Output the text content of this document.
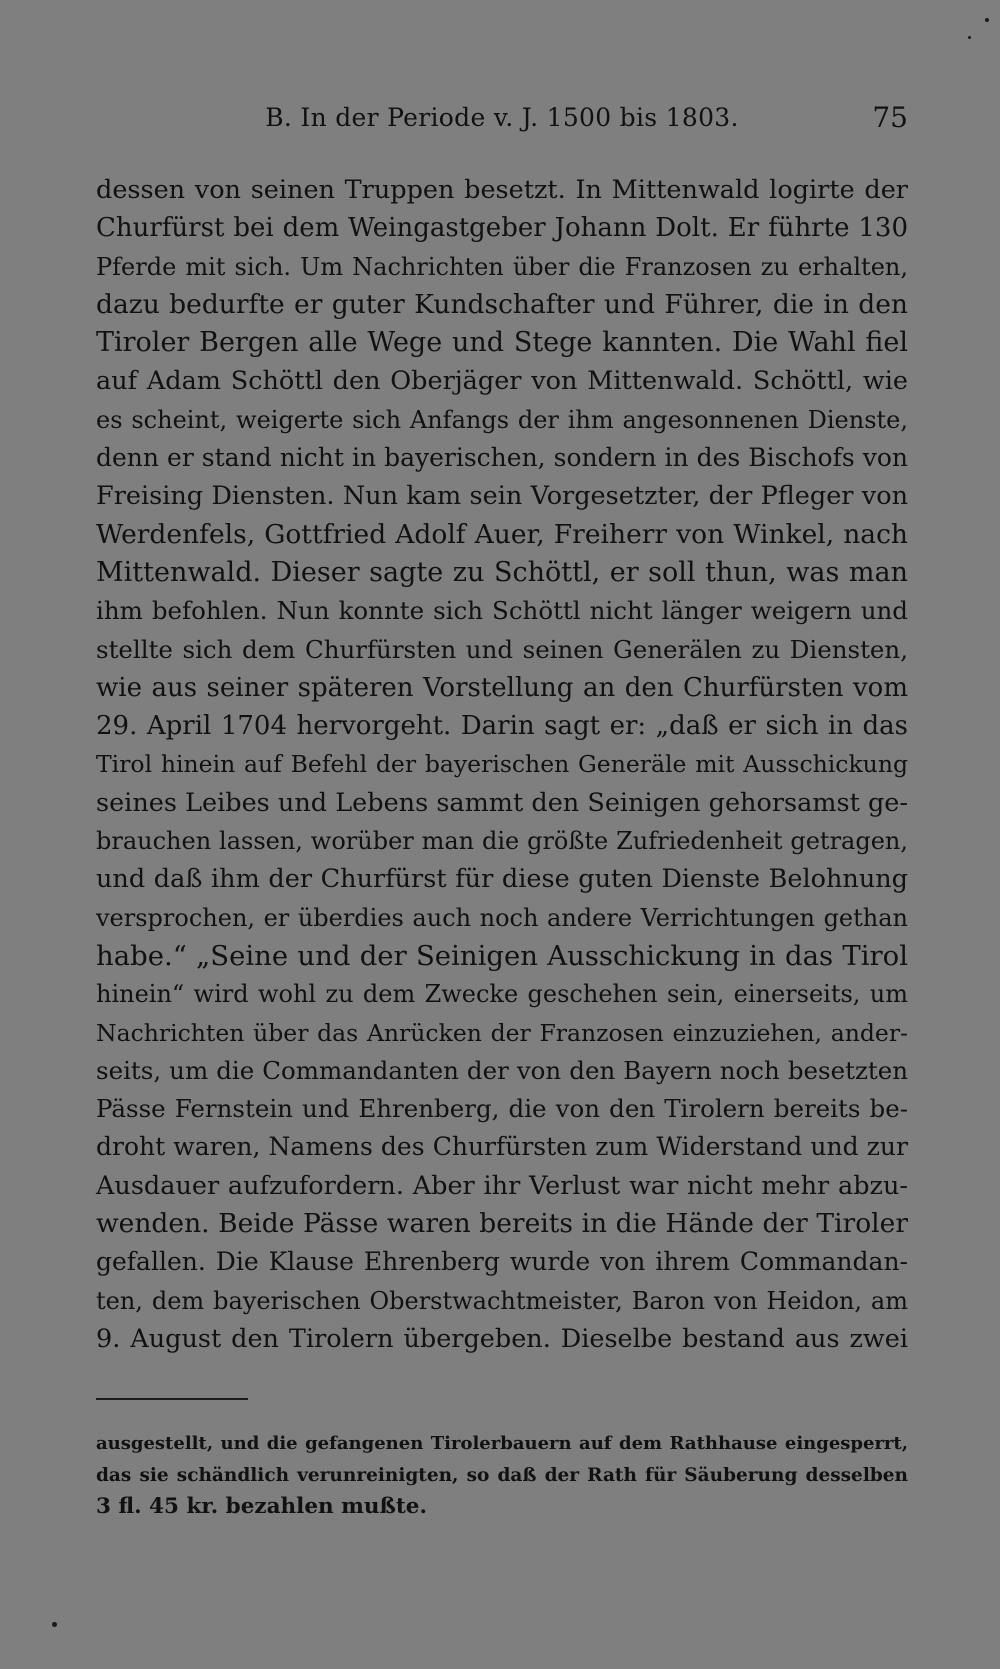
B. In der Periode v. J. 1500 bis 1803.	75
dessen von seinen Truppen besetzt. In Mittenwald logirte der
Churfürst bei dem Weingastgeber Johann Dolt. Er führte 130
Pferde mit sich. Um Nachrichten über die Franzosen zu erhalten,
dazu bedurfte er guter Kundschafter und Führer, die in den
Tiroler Bergen alle Wege und Stege kannten. Die Wahl fiel
auf Adam Schöttl den Oberjäger von Mittenwald. Schöttl, wie
es scheint, weigerte sich Anfangs der ihm angesonnenen Dienste,
denn er stand nicht in bayerischen, sondern in des Bischofs von
Freising Diensten. Nun kam sein Vorgesetzter, der Pfleger von
Werdenfels, Gottfried Adolf Auer, Freiherr von Winkel, nach
Mittenwald. Dieser sagte zu Schöttl, er soll thun, was man
ihm befohlen. Nun konnte sich Schöttl nicht länger weigern und
stellte sich dem Churfürsten und seinen Generälen zu Diensten,
wie aus seiner späteren Vorstellung an den Churfürsten vom
29. April 1704 hervorgeht. Darin sagt er: „daß er sich in das
Tirol hinein auf Befehl der bayerischen Generäle mit Ausschickung
seines Leibes und Lebens sammt den Seinigen gehorsamst ge-
brauchen lassen, worüber man die größte Zufriedenheit getragen,
und daß ihm der Churfürst für diese guten Dienste Belohnung
versprochen, er überdies auch noch andere Verrichtungen gethan
habe.“ „Seine und der Seinigen Ausschickung in das Tirol
hinein“ wird wohl zu dem Zwecke geschehen sein, einerseits, um
Nachrichten über das Anrücken der Franzosen einzuziehen, ander-
seits, um die Commandanten der von den Bayern noch besetzten
Pässe Fernstein und Ehrenberg, die von den Tirolern bereits be-
droht waren, Namens des Churfürsten zum Widerstand und zur
Ausdauer aufzufordern. Aber ihr Verlust war nicht mehr abzu-
wenden. Beide Pässe waren bereits in die Hände der Tiroler
gefallen. Die Klause Ehrenberg wurde von ihrem Commandan-
ten, dem bayerischen Oberstwachtmeister, Baron von Heidon, am
9. August den Tirolern übergeben. Dieselbe bestand aus zwei
ausgestellt, und die gefangenen Tirolerbauern auf dem Rathhause eingesperrt,
das sie schändlich verunreinigten, so daß der Rath für Säuberung desselben
3 fl. 45 kr. bezahlen mußte.
